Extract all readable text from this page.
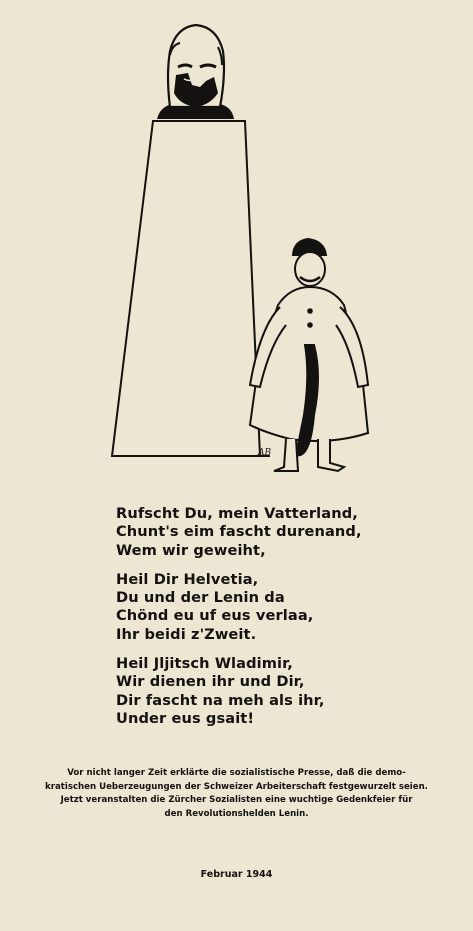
AB
Rufscht Du, mein Vatterland,
Chunt's eim fascht durenand,
Wem wir geweiht,
Heil Dir Helvetia,
Du und der Lenin da
Chönd eu uf eus verlaa,
Ihr beidi z'Zweit.
Heil Jljitsch Wladimir,
Wir dienen ihr und Dir,
Dir fascht na meh als ihr,
Under eus gsait!
Vor nicht langer Zeit erklärte die sozialistische Presse, daß die demo-
kratischen Ueberzeugungen der Schweizer Arbeiterschaft festgewurzelt seien.
Jetzt veranstalten die Zürcher Sozialisten eine wuchtige Gedenkfeier für
den Revolutionshelden Lenin.
Februar 1944
